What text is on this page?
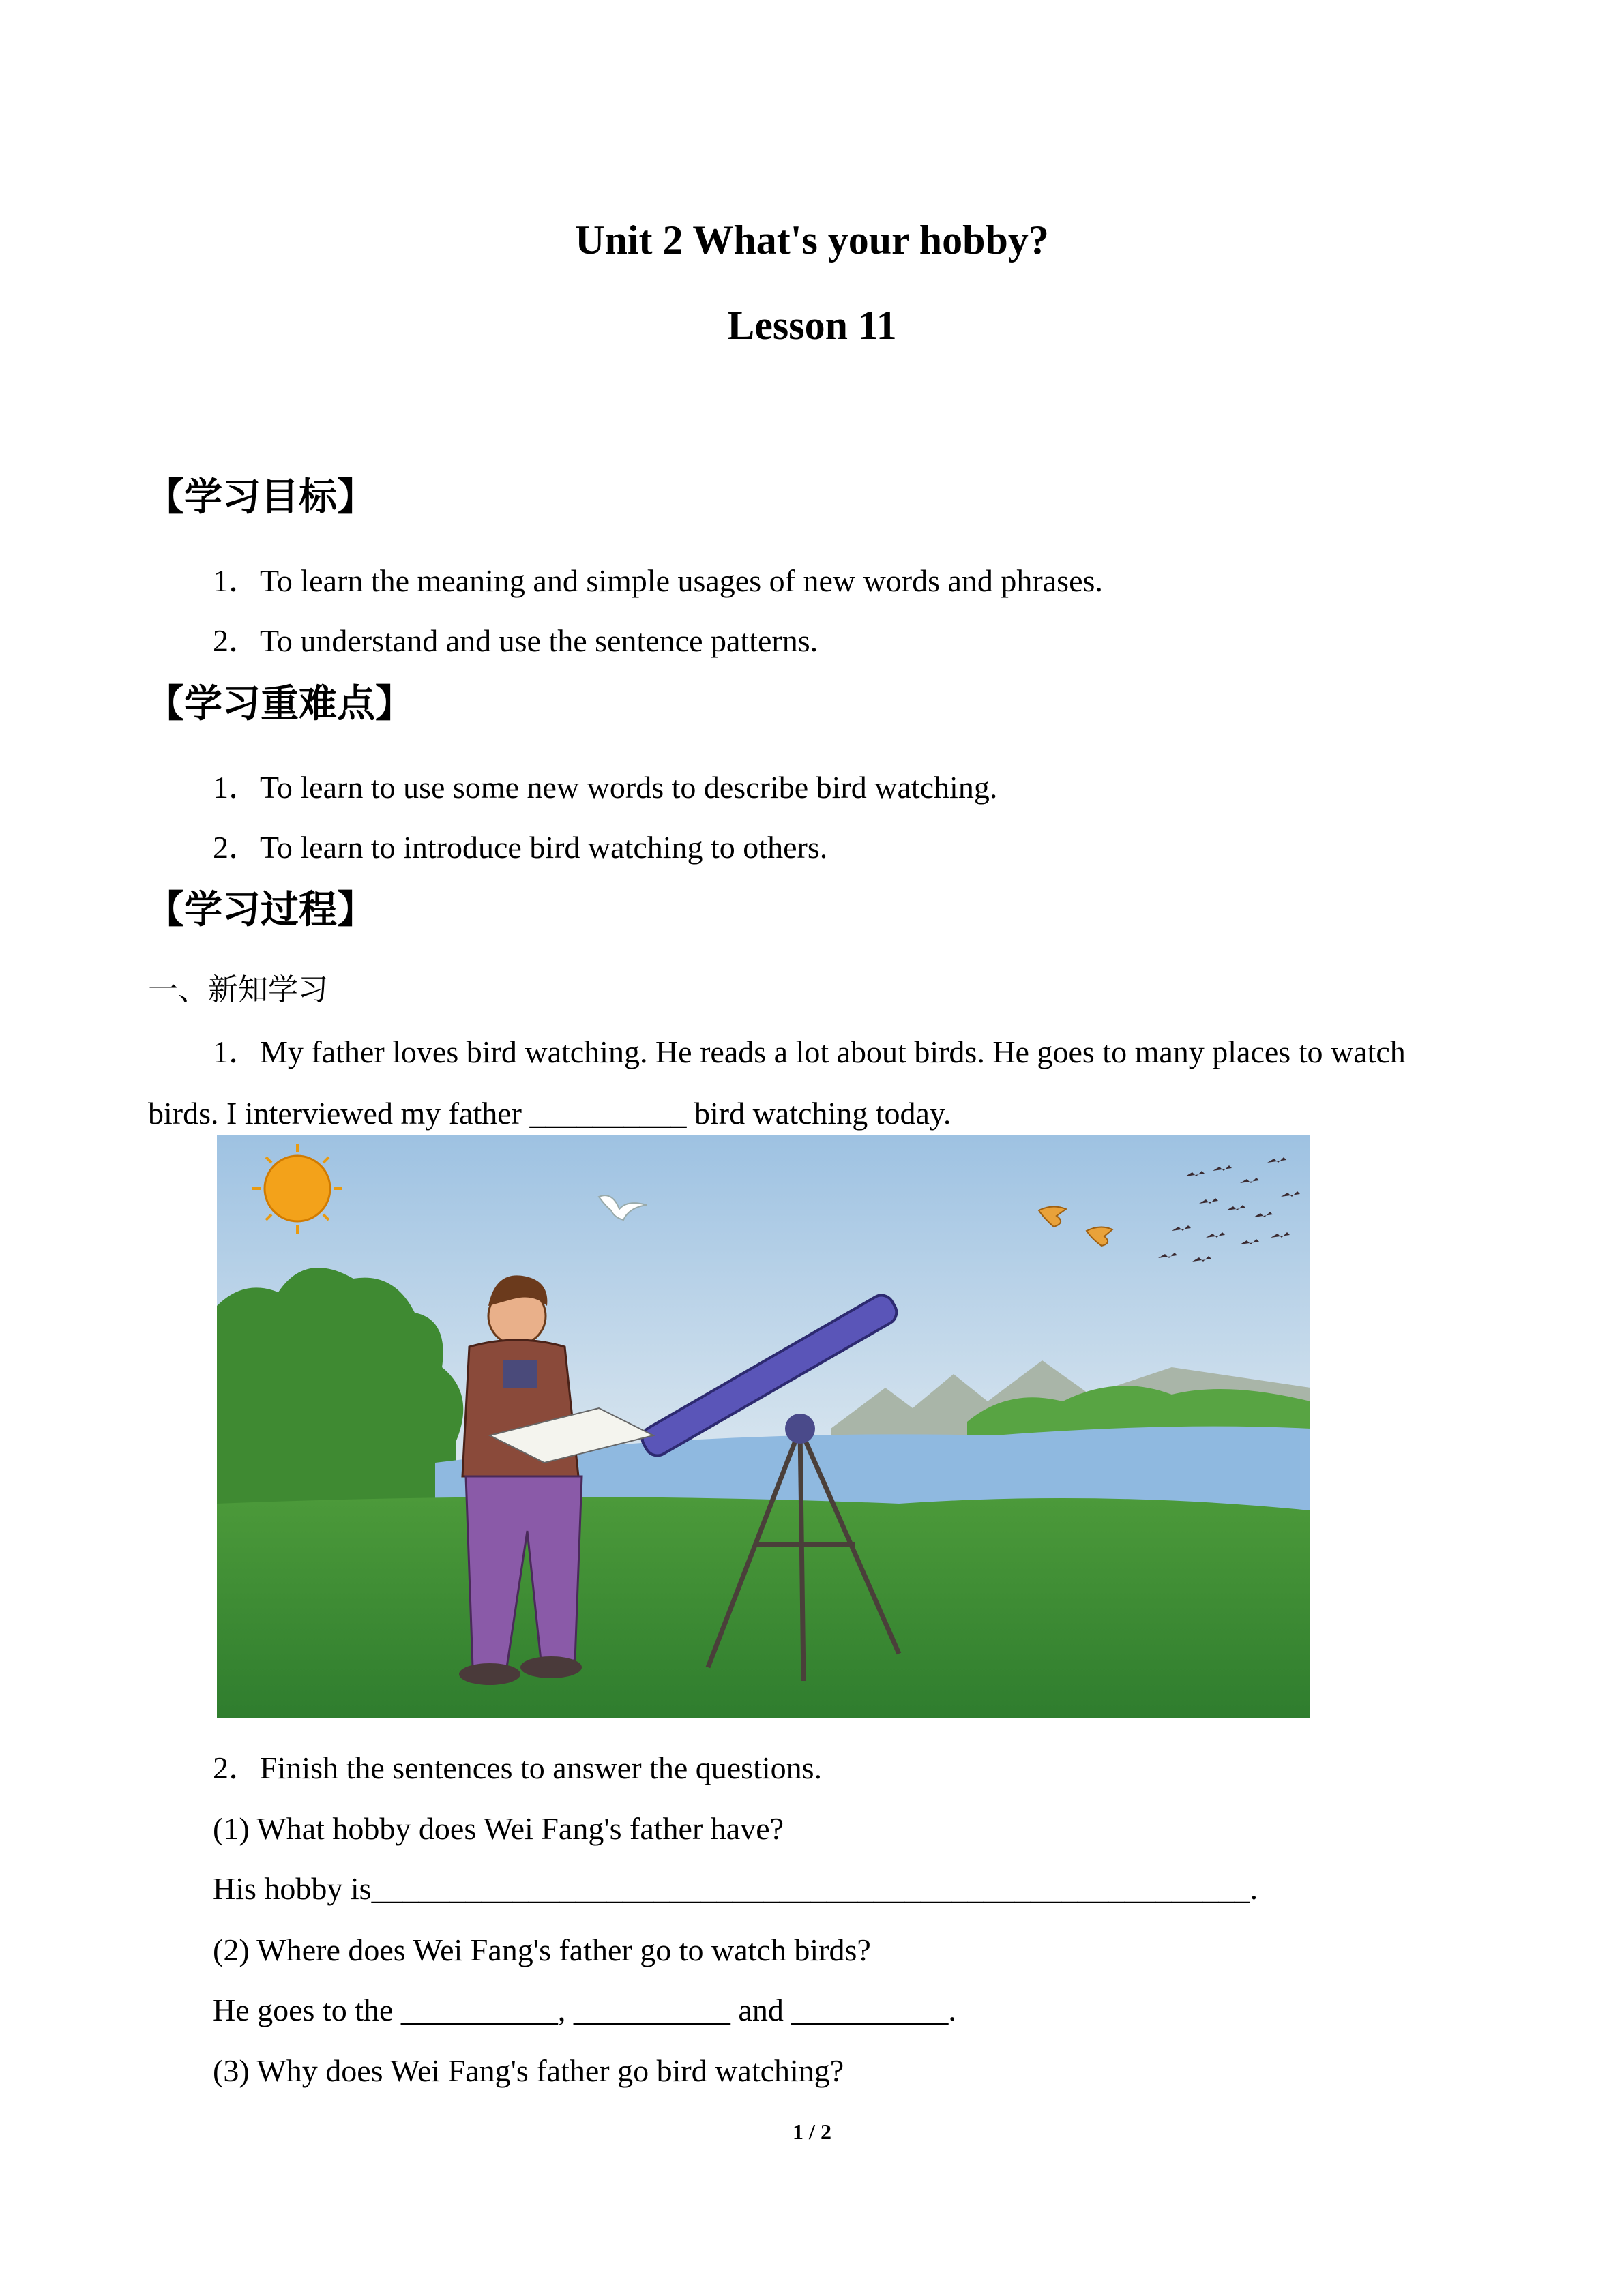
Unit 2 What's your hobby?
Lesson 11
【学习目标】
1．To learn the meaning and simple usages of new words and phrases.
2．To understand and use the sentence patterns.
【学习重难点】
1．To learn to use some new words to describe bird watching.
2．To learn to introduce bird watching to others.
【学习过程】
一、新知学习
1．My father loves bird watching. He reads a lot about birds. He goes to many places to watch
birds. I interviewed my father __________ bird watching today.
2．Finish the sentences to answer the questions.
(1) What hobby does Wei Fang's father have?
His hobby is________________________________________________________.
(2) Where does Wei Fang's father go to watch birds?
He goes to the __________, __________ and __________.
(3) Why does Wei Fang's father go bird watching?
1 / 2
